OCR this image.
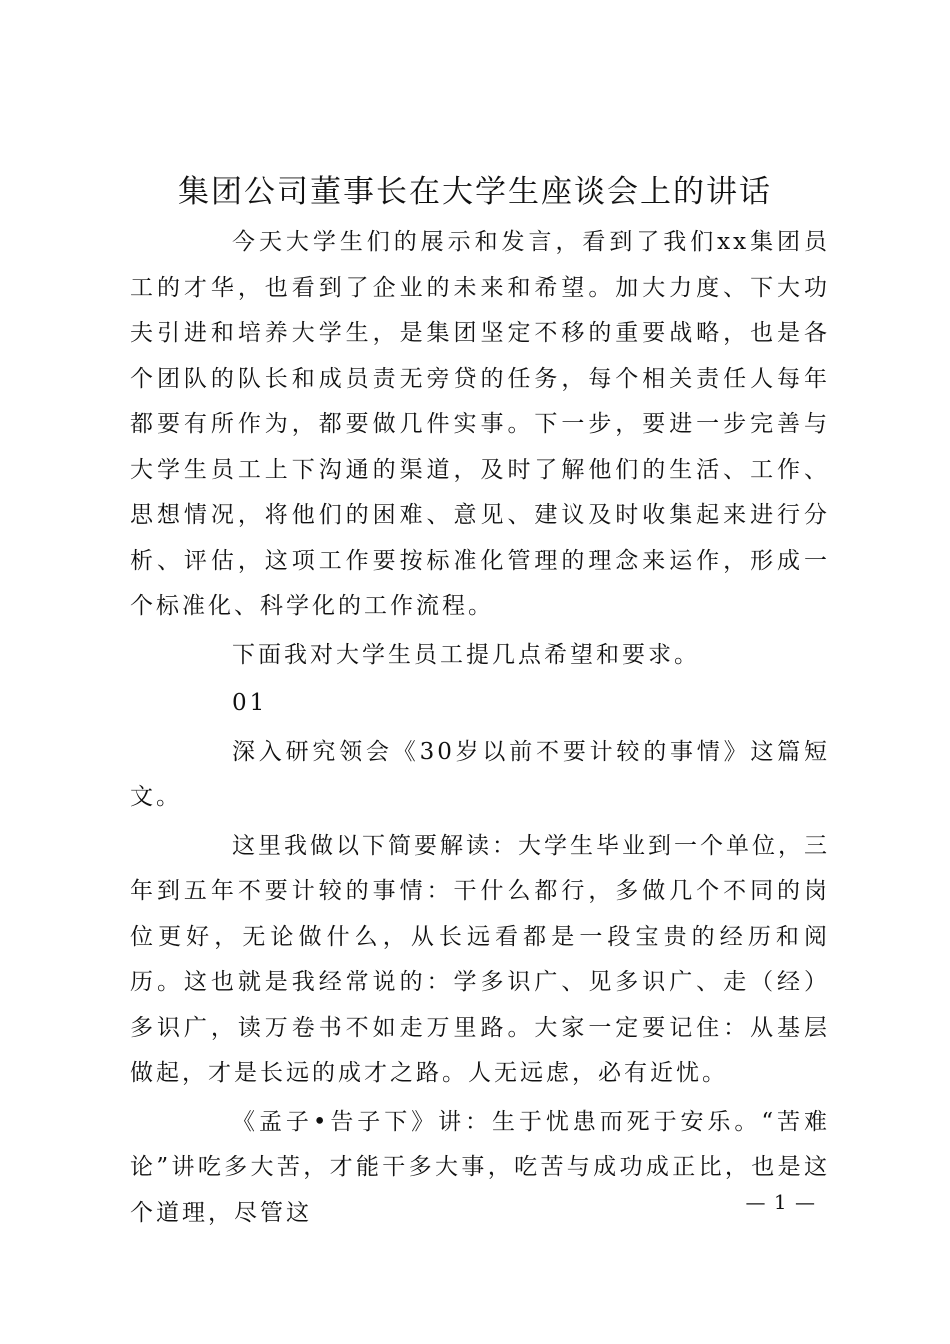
集团公司董事长在大学生座谈会上的讲话

今天大学生们的展示和发言，看到了我们xx集团员工的才华，也看到了企业的未来和希望。加大力度、下大功夫引进和培养大学生，是集团坚定不移的重要战略，也是各个团队的队长和成员责无旁贷的任务，每个相关责任人每年都要有所作为，都要做几件实事。下一步，要进一步完善与大学生员工上下沟通的渠道，及时了解他们的生活、工作、思想情况，将他们的困难、意见、建议及时收集起来进行分析、评估，这项工作要按标准化管理的理念来运作，形成一个标准化、科学化的工作流程。

下面我对大学生员工提几点希望和要求。

01

深入研究领会《30岁以前不要计较的事情》这篇短文。

这里我做以下简要解读：大学生毕业到一个单位，三年到五年不要计较的事情：干什么都行，多做几个不同的岗位更好，无论做什么，从长远看都是一段宝贵的经历和阅历。这也就是我经常说的：学多识广、见多识广、走（经）多识广，读万卷书不如走万里路。大家一定要记住：从基层做起，才是长远的成才之路。人无远虑，必有近忧。

《孟子•告子下》讲：生于忧患而死于安乐。“苦难论”讲吃多大苦，才能干多大事，吃苦与成功成正比，也是这个道理，尽管这	— 1 —
